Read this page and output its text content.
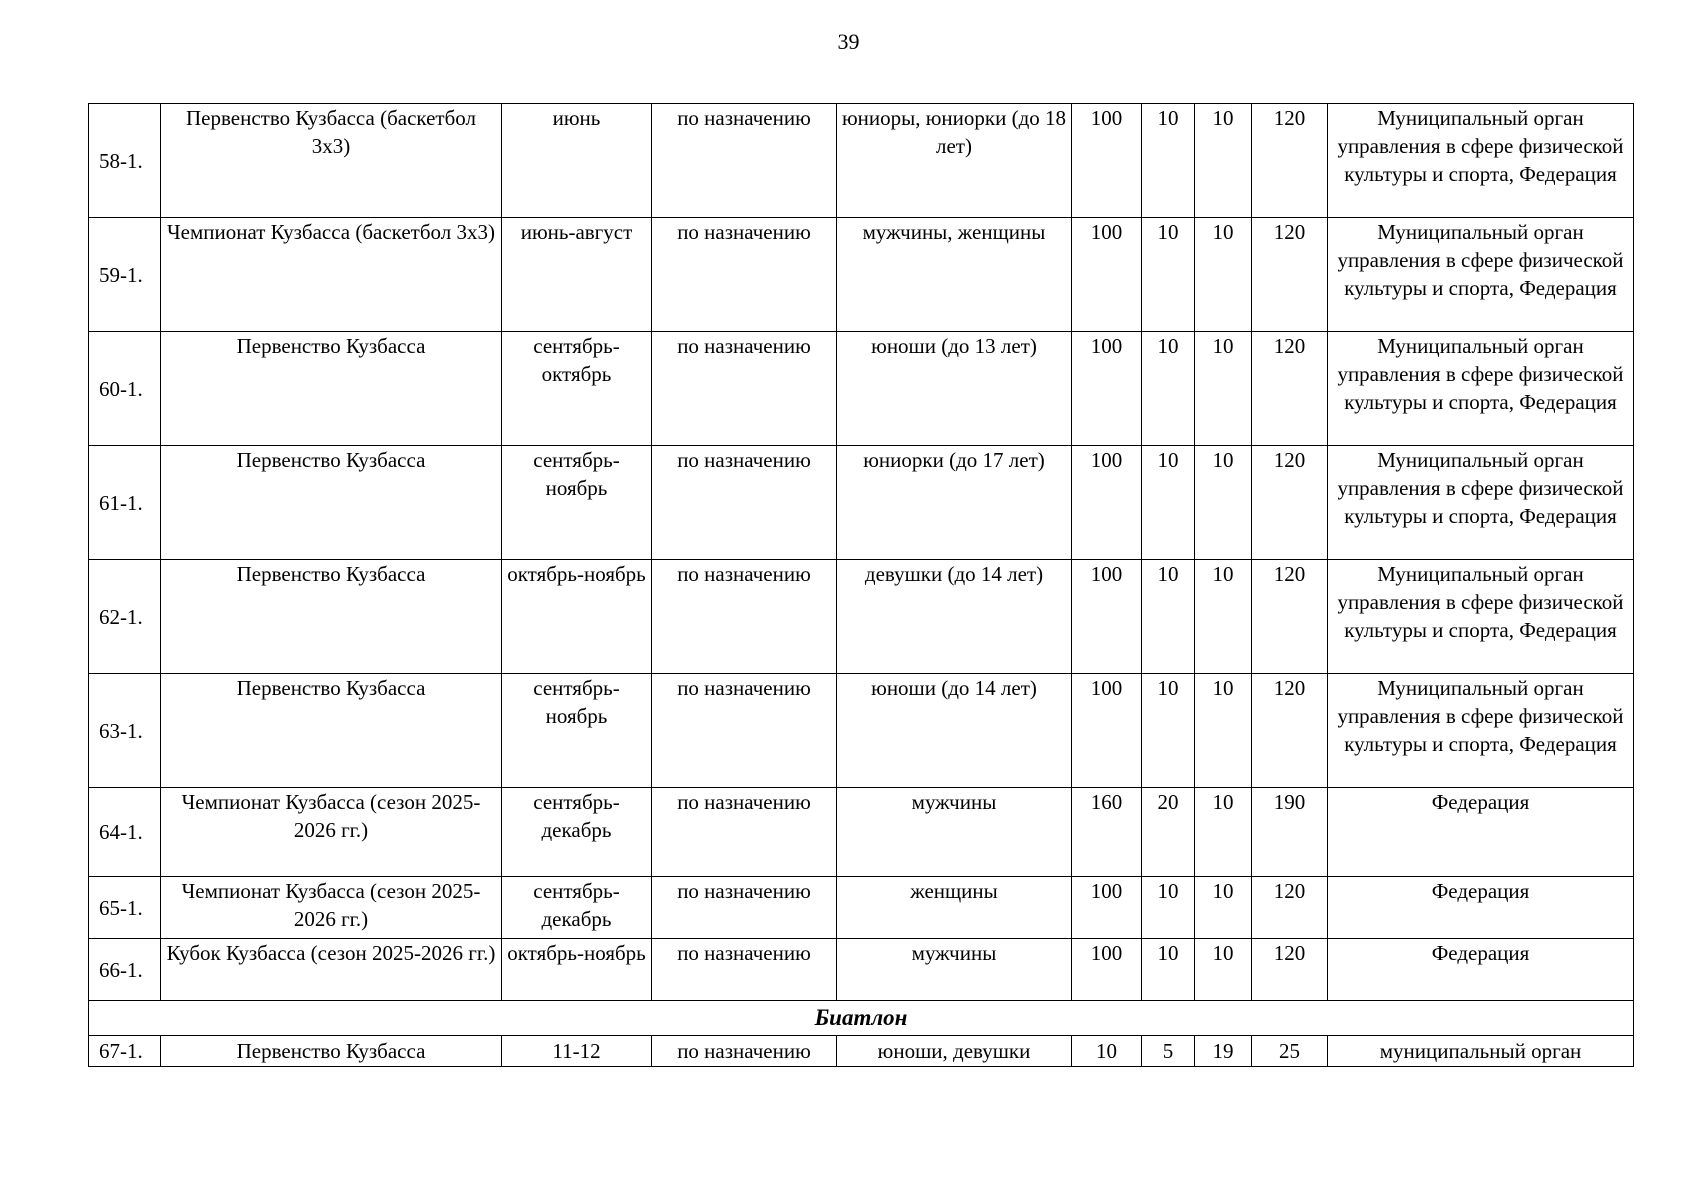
39
58-1.	Первенство Кузбасса (баскетбол 3х3)	июнь	по назначению	юниоры, юниорки (до 18 лет)	100	10	10	120	Муниципальный орган управления в сфере физической культуры и спорта, Федерация
59-1.	Чемпионат Кузбасса (баскетбол 3х3)	июнь-август	по назначению	мужчины, женщины	100	10	10	120	Муниципальный орган управления в сфере физической культуры и спорта, Федерация
60-1.	Первенство Кузбасса	сентябрь-октябрь	по назначению	юноши (до 13 лет)	100	10	10	120	Муниципальный орган управления в сфере физической культуры и спорта, Федерация
61-1.	Первенство Кузбасса	сентябрь-ноябрь	по назначению	юниорки (до 17 лет)	100	10	10	120	Муниципальный орган управления в сфере физической культуры и спорта, Федерация
62-1.	Первенство Кузбасса	октябрь-ноябрь	по назначению	девушки (до 14 лет)	100	10	10	120	Муниципальный орган управления в сфере физической культуры и спорта, Федерация
63-1.	Первенство Кузбасса	сентябрь-ноябрь	по назначению	юноши (до 14 лет)	100	10	10	120	Муниципальный орган управления в сфере физической культуры и спорта, Федерация
64-1.	Чемпионат Кузбасса (сезон 2025-2026 гг.)	сентябрь-декабрь	по назначению	мужчины	160	20	10	190	Федерация
65-1.	Чемпионат Кузбасса (сезон 2025-2026 гг.)	сентябрь-декабрь	по назначению	женщины	100	10	10	120	Федерация
66-1.	Кубок Кузбасса (сезон 2025-2026 гг.)	октябрь-ноябрь	по назначению	мужчины	100	10	10	120	Федерация
Биатлон									
67-1.	Первенство Кузбасса	11-12	по назначению	юноши, девушки	10	5	19	25	муниципальный орган
